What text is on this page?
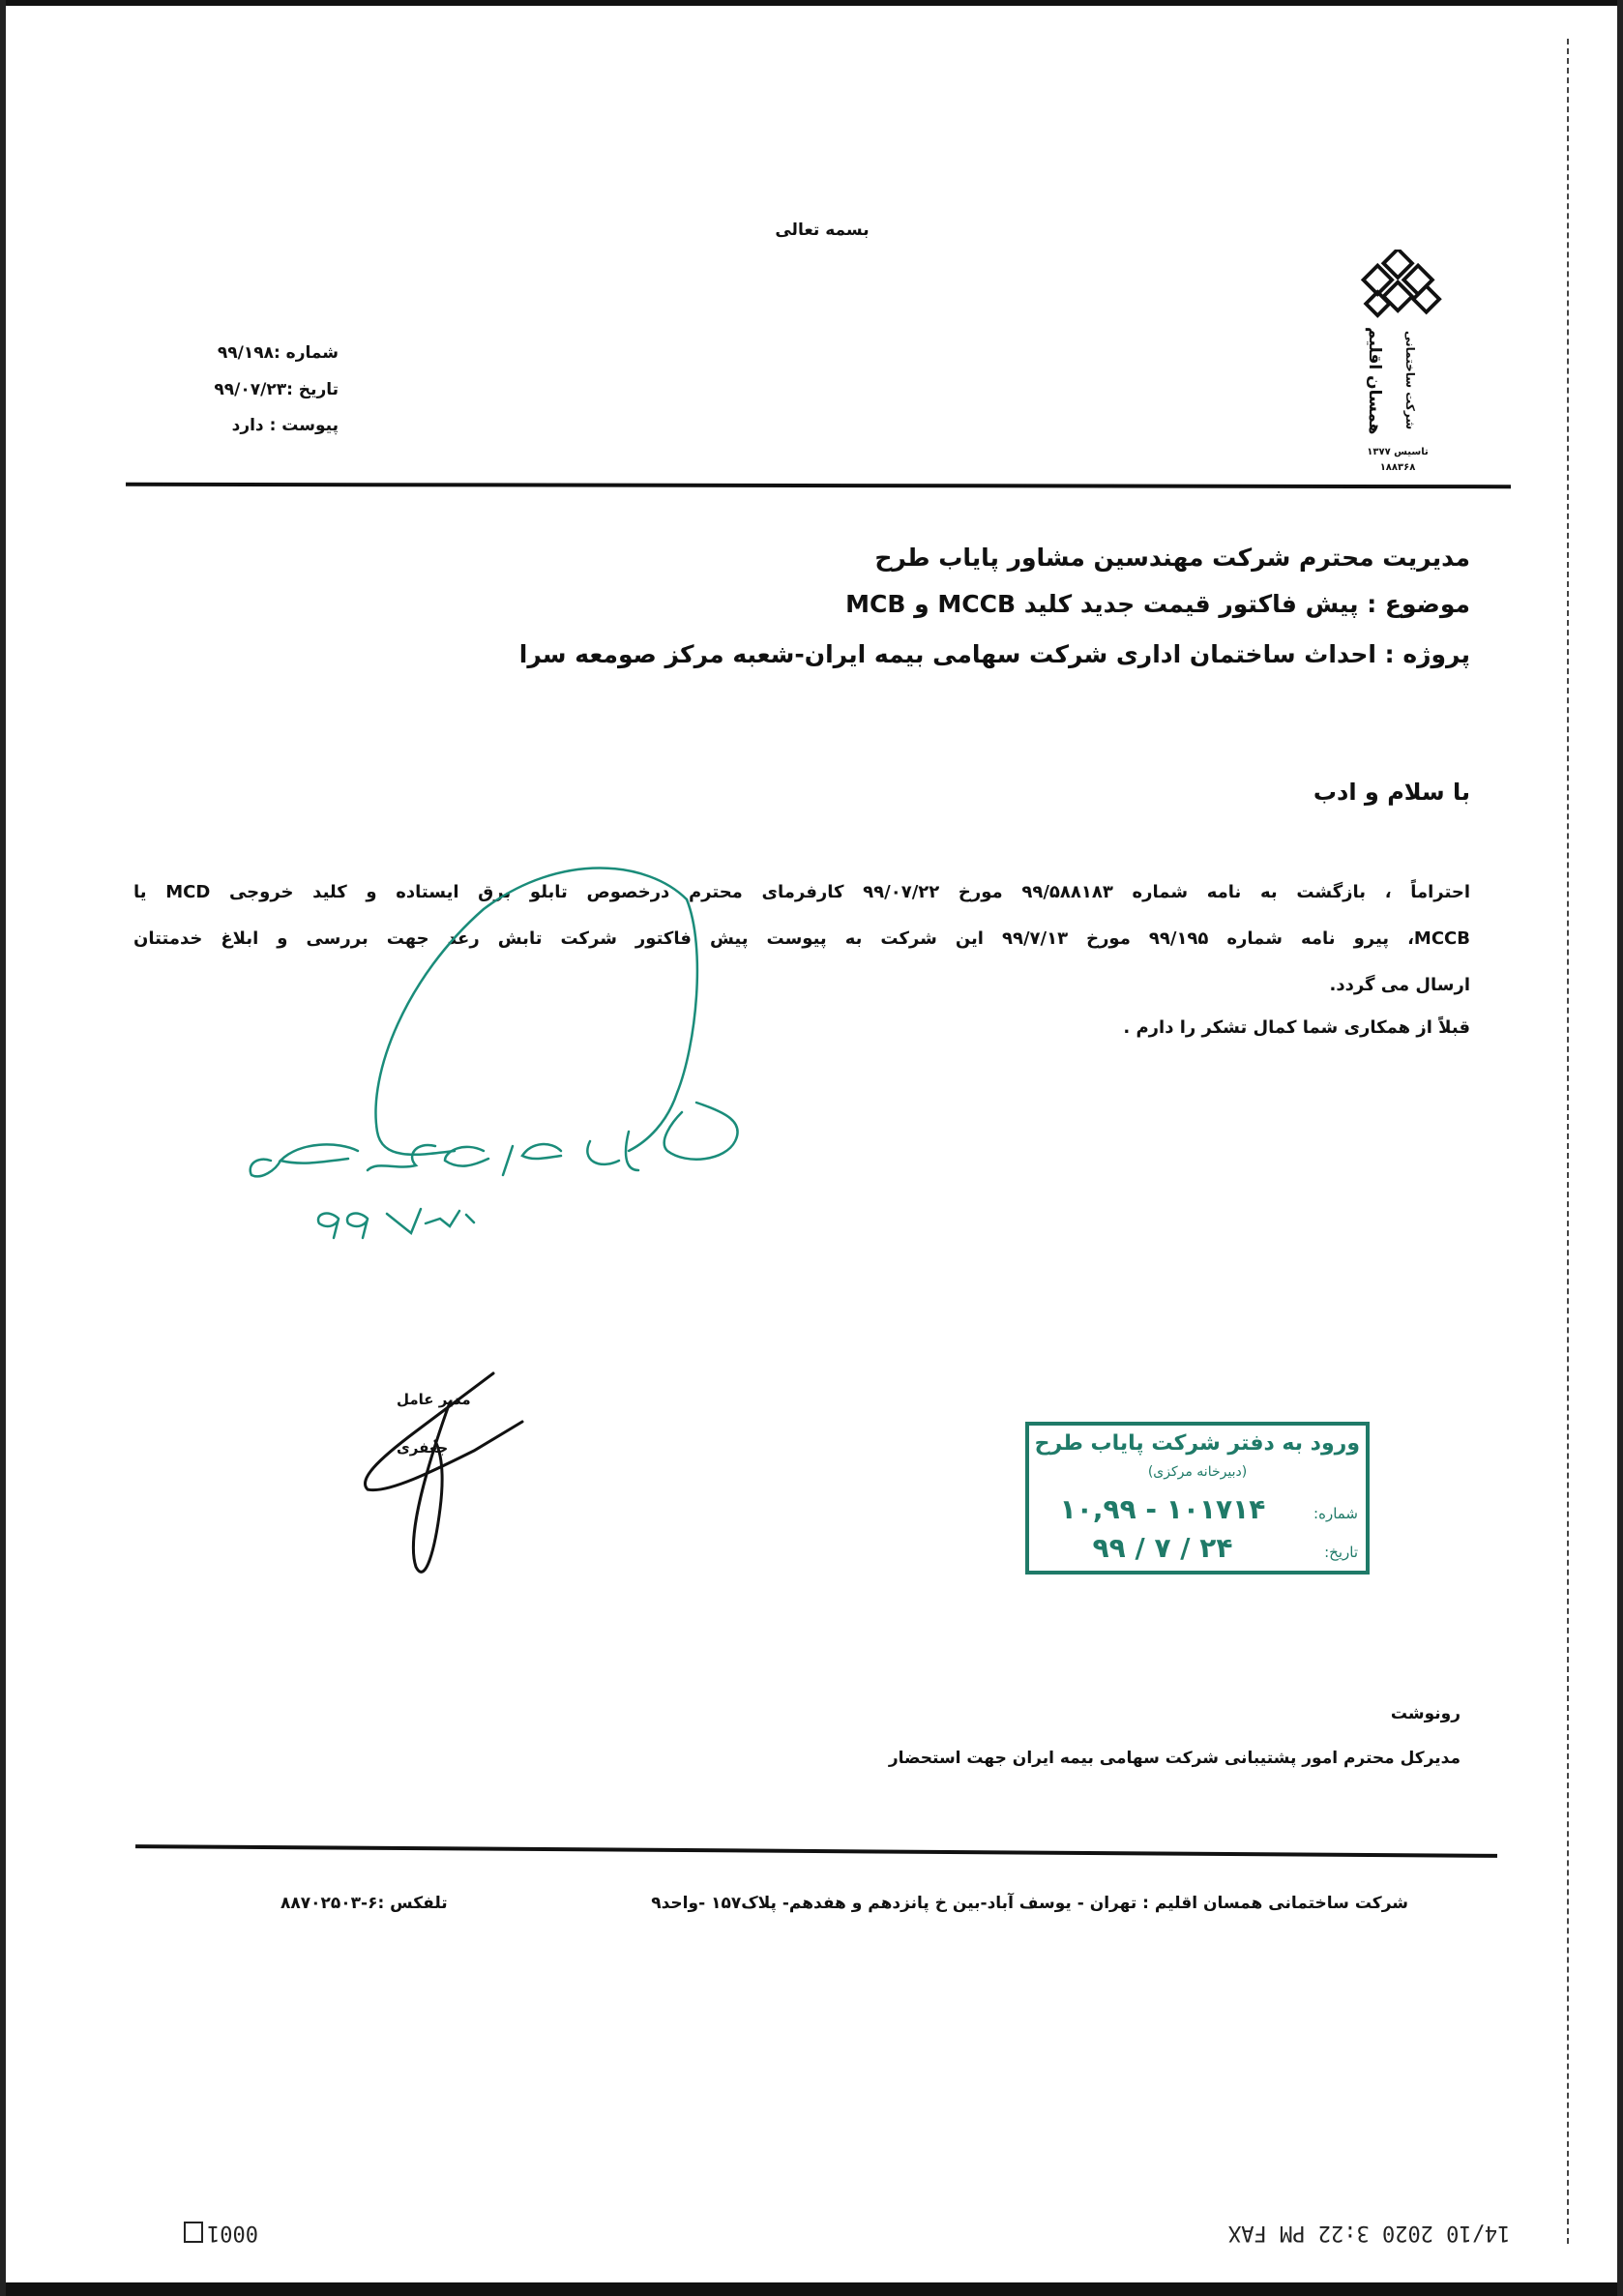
بسمه تعالی
همسان اقلیم شرکت ساختمانی
تاسیس ۱۳۷۷
۱۸۸۳۶۸
شماره :۹۹/۱۹۸
تاریخ :۹۹/۰۷/۲۳
پیوست : دارد
مدیریت محترم شرکت مهندسین مشاور پایاب طرح
موضوع : پیش فاکتور قیمت جدید کلید MCCB و MCB
پروژه : احداث ساختمان اداری شرکت سهامی بیمه ایران-شعبه مرکز صومعه سرا
با سلام و ادب
احتراماً ، بازگشت به نامه شماره ۹۹/۵۸۸۱۸۳ مورخ ۹۹/۰۷/۲۲ کارفرمای محترم درخصوص تابلو برق ایستاده و کلید خروجی MCD یا
MCCB، پیرو نامه شماره ۹۹/۱۹۵ مورخ ۹۹/۷/۱۳ این شرکت به پیوست پیش فاکتور شرکت تابش رعد جهت بررسی و ابلاغ خدمتتان
ارسال می گردد.
قبلاً از همکاری شما کمال تشکر را دارم .
مدیر عامل
جعفری	ورود به دفتر شرکت پایاب طرح
(دبیرخانه مرکزی)
شماره:
۱۰,۹۹ - ۱۰۱۷۱۴
تاریخ:
۹۹ / ۷ / ۲۴
رونوشت
مدیرکل محترم امور پشتیبانی شرکت سهامی بیمه ایران جهت استحضار
شرکت ساختمانی همسان اقلیم : تهران - یوسف آباد-بین خ پانزدهم و هفدهم- پلاک۱۵۷ -واحد۹
تلفکس :۶-۸۸۷۰۲۵۰۳
14/10 2020 3:22 PM FAX
0001
